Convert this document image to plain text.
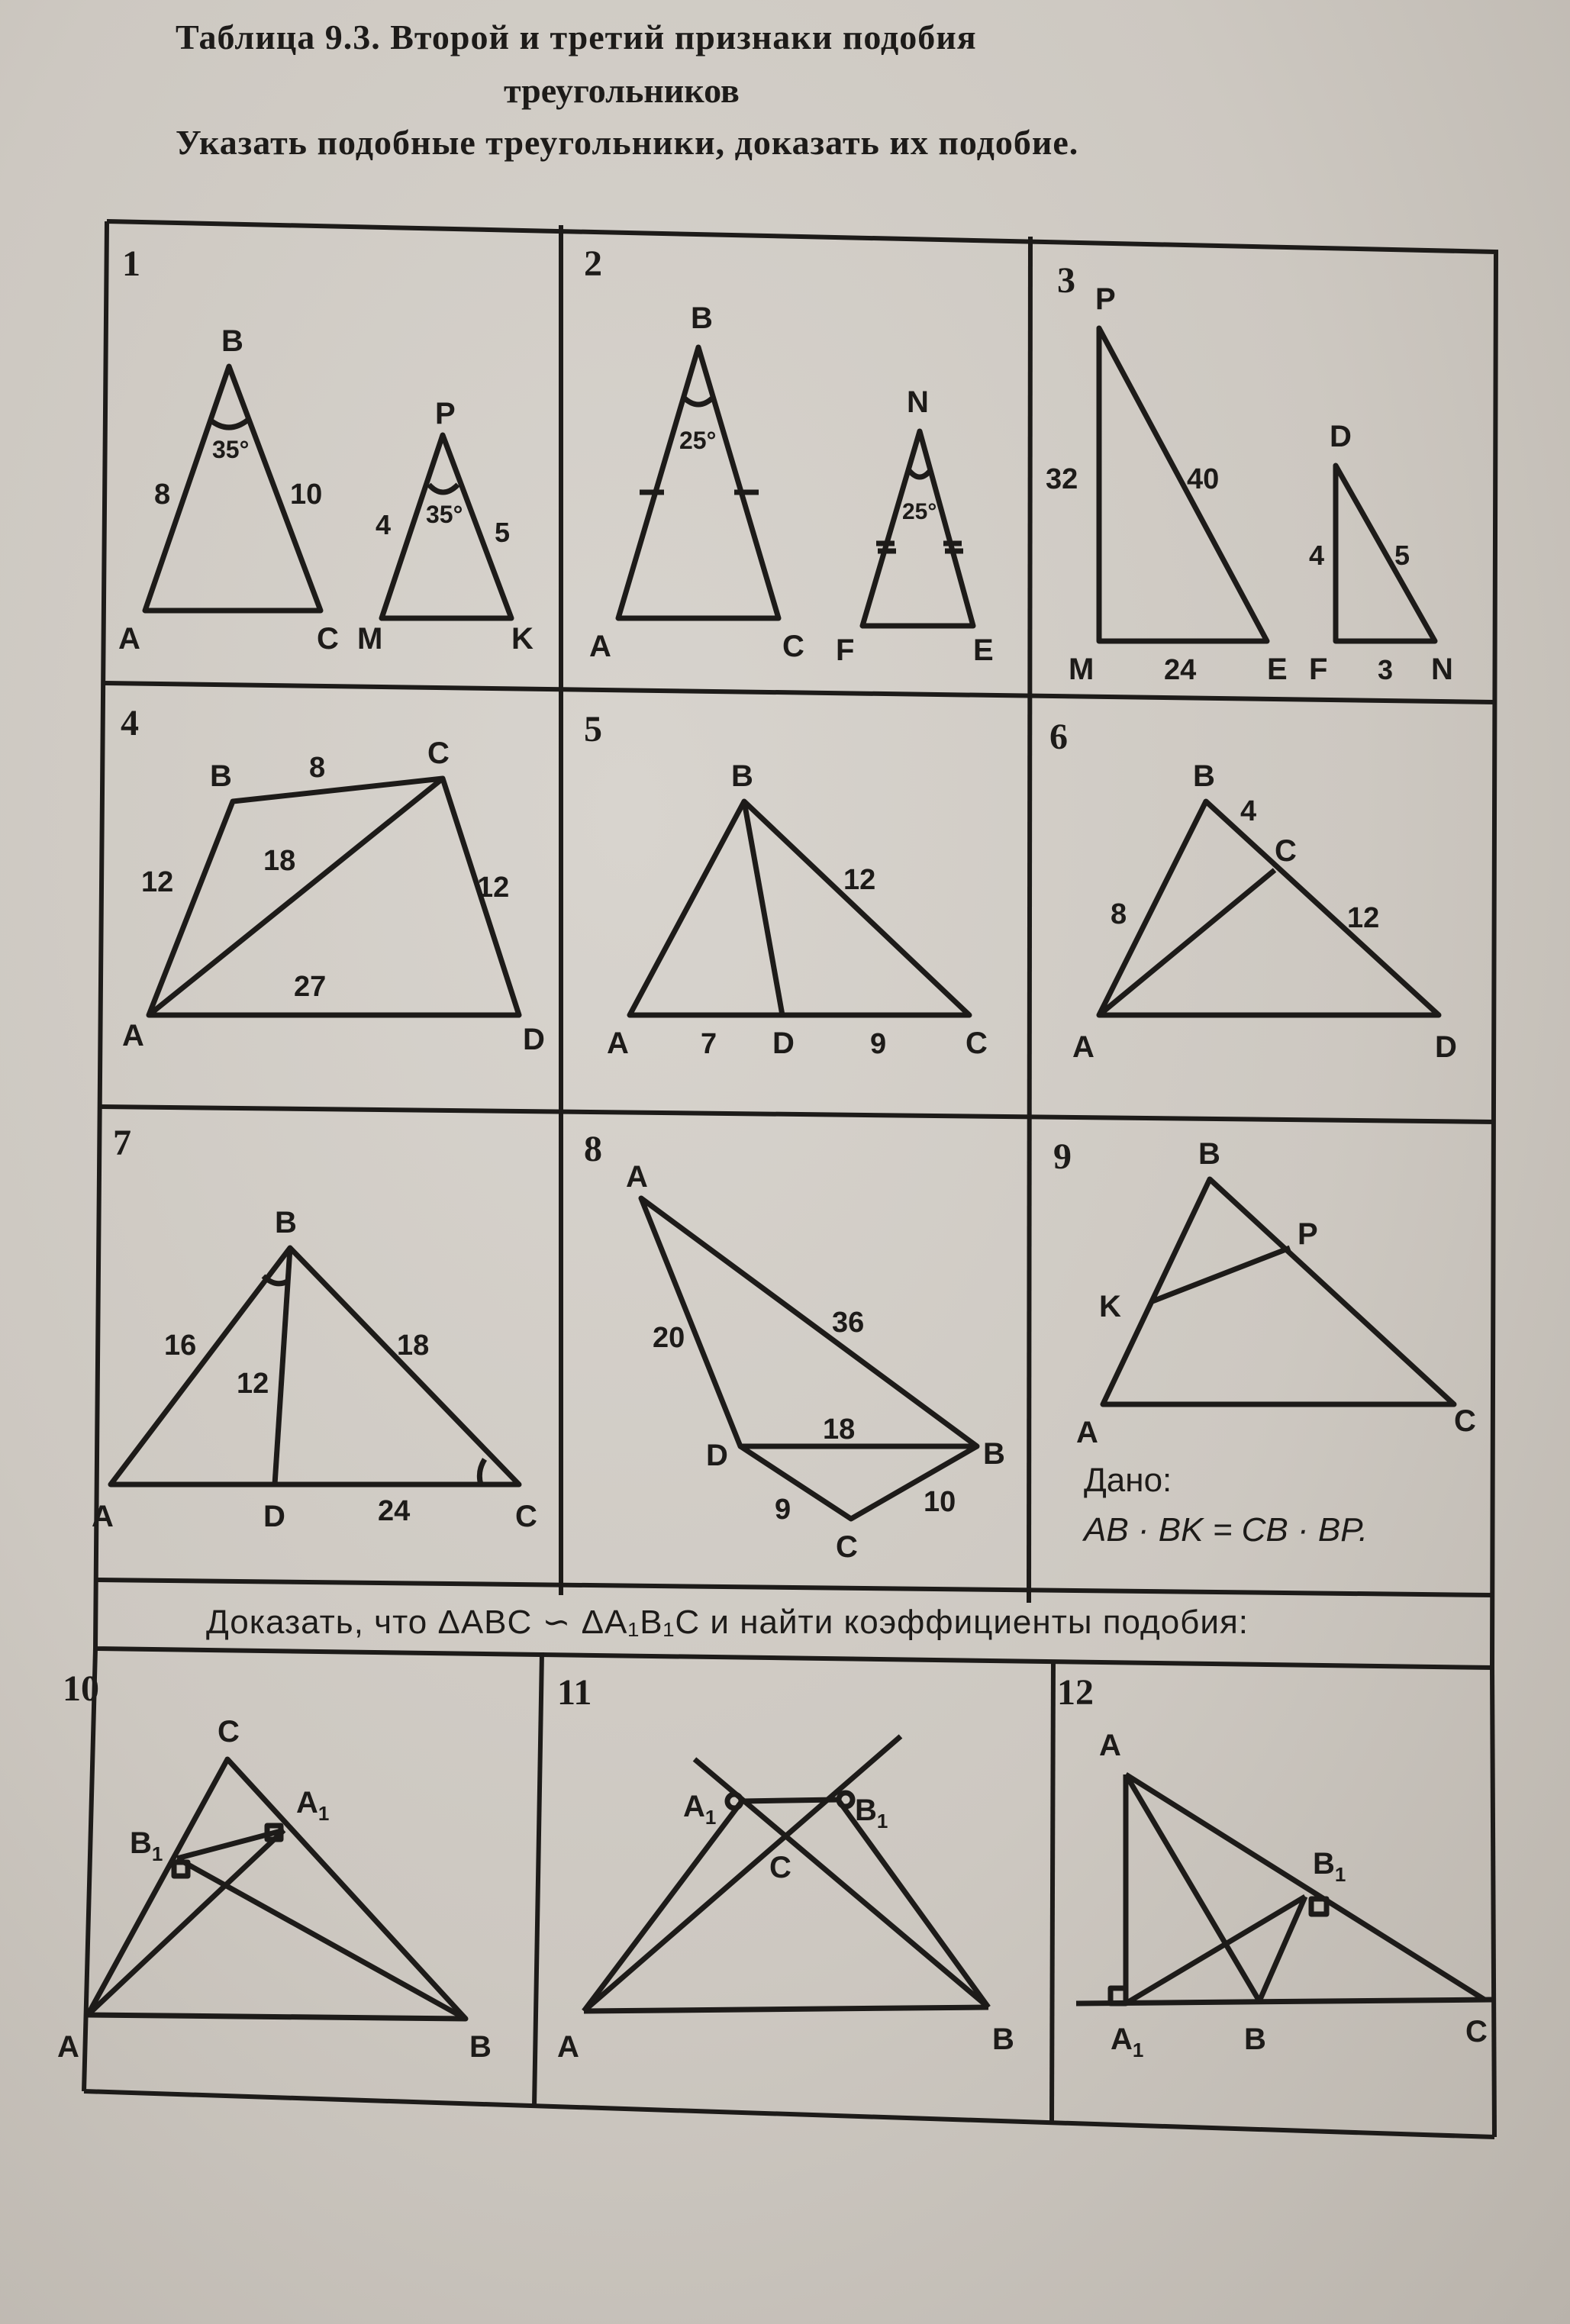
Таблица 9.3. Второй и третий признаки подобия
треугольников
Указать подобные треугольники, доказать их подобие.
1
B
A	C
8	10
35°
P
M	K
4	5
35°
2
B
A	C
25°
N
F	E
25°
3 P
32	40
M 24 E
D
4	5
F 3 N
4
B	8	C
12
18
12
27
A	D
5
B
12
A 7 D	9	C
6
B
4
C
8	12
A	D
7
B
16
12
18
A	D	24	C
8
A
20	36
D
18
B
9	10
C
9	B
P
K
A	C
Дано:
AB · BK = CB · BP.
Доказать, что ΔABC ∽ ΔA₁B₁C и найти коэффициенты подобия:
10
C
$A_1$
$B_1$
A	B
11
$A_1$	$B_1$
C
A	B
12
A
$B_1$
$A_1$	B	C
